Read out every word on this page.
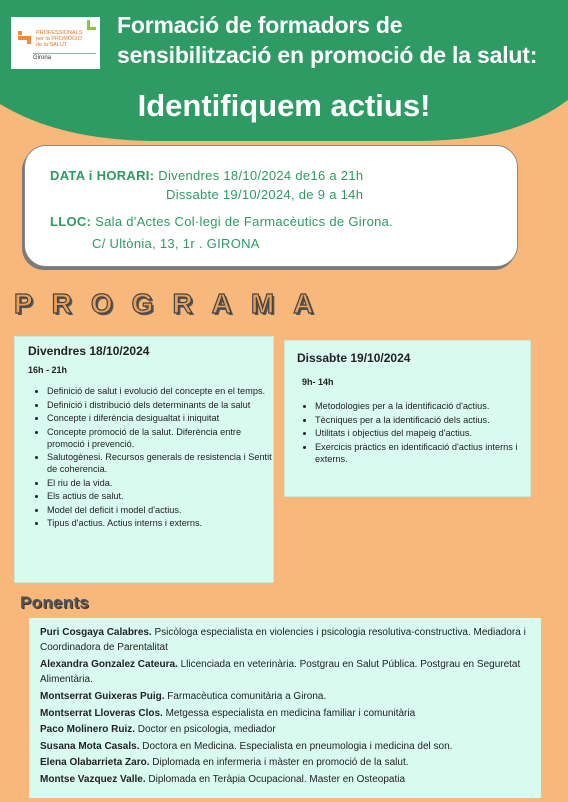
PROFESSIONALS
per la PROMOCIÓ
de la SALUT
Girona
Formació de formadors de
sensibilització en promoció de la salut:
Identifiquem actius!
DATA i HORARI: Divendres 18/10/2024 de16 a 21h
Dissabte 19/10/2024, de 9 a 14h
LLOC: Sala d'Actes Col·legi de Farmacèutics de Girona.
C/ Ultònia, 13, 1r . GIRONA
PROGRAMA
Divendres 18/10/2024
16h - 21h
• Definició de salut i evolució del concepte en el temps.
• Definició i distribució dels determinants de la salut
• Concepte i diferència desigualtat i iniquitat
• Concepte promoció de la salut. Diferència entre promoció i prevenció.
• Salutogènesi. Recursos generals de resistencia i Sentit de coherencia.
• El riu de la vida.
• Els actius de salut.
• Model del deficit i model d'actius.
• Tipus d'actius. Actius interns i externs.
Dissabte 19/10/2024
9h- 14h
• Metodologies per a la identificació d'actius.
• Tècniques per a la identificació dels actius.
• Utilitats i objectius del mapeig d'actius.
• Exercicis pràctics en identificació d'actius interns i externs.
Ponents
Puri Cosgaya Calabres. Psicòloga especialista en violencies i psicologia resolutiva-constructiva. Mediadora i Coordinadora de Parentalitat
Alexandra Gonzalez Cateura. Llicenciada en veterinària. Postgrau en Salut Pública. Postgrau en Seguretat Alimentària.
Montserrat Guixeras Puig. Farmacèutica comunitària a Girona.
Montserrat Lloveras Clos. Metgessa especialista en medicina familiar i comunitària
Paco Molinero Ruiz. Doctor en psicologia, mediador
Susana Mota Casals. Doctora en Medicina. Especialista en pneumologia i medicina del son.
Elena Olabarrieta Zaro. Diplomada en infermeria i màster en promoció de la salut.
Montse Vazquez Valle. Diplomada en Teràpia Ocupacional. Master en Osteopatia
